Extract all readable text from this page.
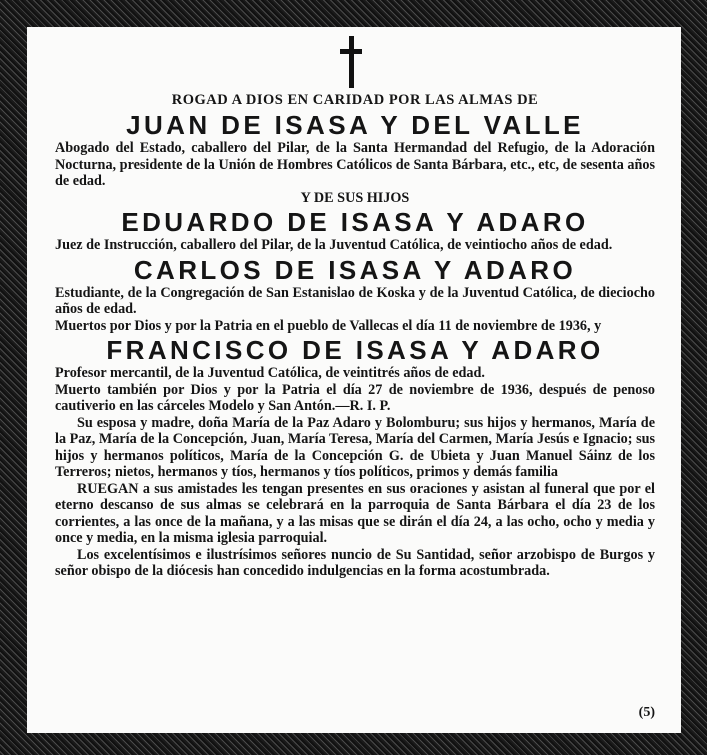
ROGAD A DIOS EN CARIDAD POR LAS ALMAS DE

JUAN DE ISASA Y DEL VALLE

Abogado del Estado, caballero del Pilar, de la Santa Hermandad del Refugio, de la Adoración Nocturna, presidente de la Unión de Hombres Católicos de Santa Bárbara, etc., etc, de sesenta años de edad.

Y DE SUS HIJOS

EDUARDO DE ISASA Y ADARO

Juez de Instrucción, caballero del Pilar, de la Juventud Católica, de veintiocho años de edad.

CARLOS DE ISASA Y ADARO

Estudiante, de la Congregación de San Estanislao de Koska y de la Juventud Católica, de dieciocho años de edad.

Muertos por Dios y por la Patria en el pueblo de Vallecas el día 11 de noviembre de 1936, y

FRANCISCO DE ISASA Y ADARO

Profesor mercantil, de la Juventud Católica, de veintitrés años de edad.

Muerto también por Dios y por la Patria el día 27 de noviembre de 1936, después de penoso cautiverio en las cárceles Modelo y San Antón.—R. I. P.

Su esposa y madre, doña María de la Paz Adaro y Bolomburu; sus hijos y hermanos, María de la Paz, María de la Concepción, Juan, María Teresa, María del Carmen, María Jesús e Ignacio; sus hijos y hermanos políticos, María de la Concepción G. de Ubieta y Juan Manuel Sáinz de los Terreros; nietos, hermanos y tíos, hermanos y tíos políticos, primos y demás familia

RUEGAN a sus amistades les tengan presentes en sus oraciones y asistan al funeral que por el eterno descanso de sus almas se celebrará en la parroquia de Santa Bárbara el día 23 de los corrientes, a las once de la mañana, y a las misas que se dirán el día 24, a las ocho, ocho y media y once y media, en la misma iglesia parroquial.

Los excelentísimos e ilustrísimos señores nuncio de Su Santidad, señor arzobispo de Burgos y señor obispo de la diócesis han concedido indulgencias en la forma acostumbrada.

(5)
